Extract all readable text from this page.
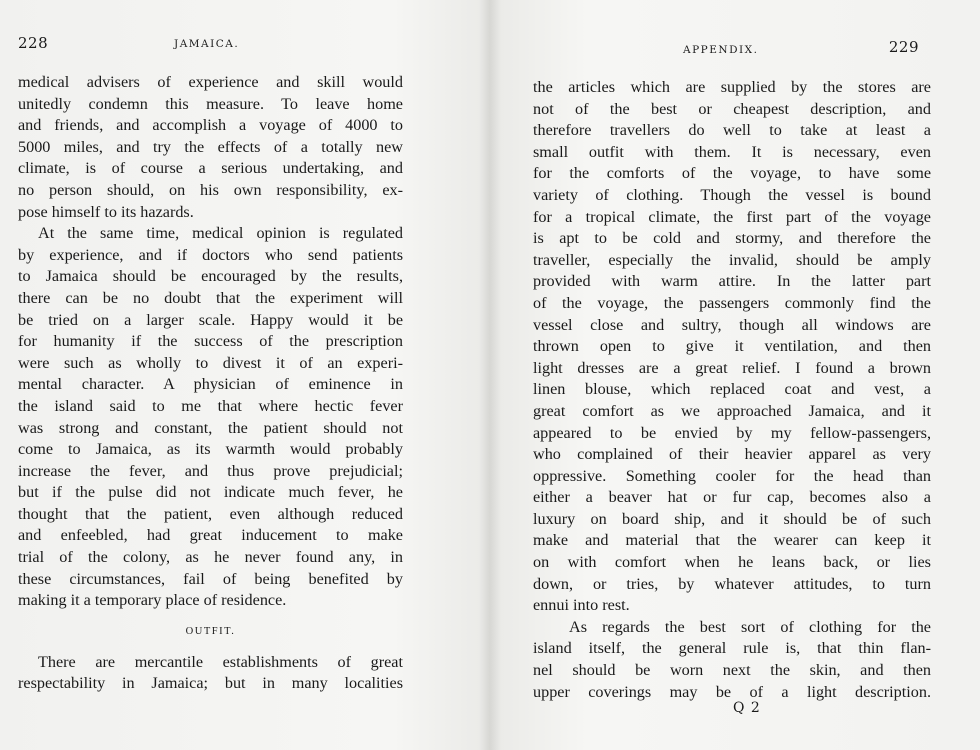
228	JAMAICA.
medical advisers of experience and skill would
unitedly condemn this measure. To leave home
and friends, and accomplish a voyage of 4000 to
5000 miles, and try the effects of a totally new
climate, is of course a serious undertaking, and
no person should, on his own responsibility, ex-
pose himself to its hazards.
At the same time, medical opinion is regulated
by experience, and if doctors who send patients
to Jamaica should be encouraged by the results,
there can be no doubt that the experiment will
be tried on a larger scale. Happy would it be
for humanity if the success of the prescription
were such as wholly to divest it of an experi-
mental character. A physician of eminence in
the island said to me that where hectic fever
was strong and constant, the patient should not
come to Jamaica, as its warmth would probably
increase the fever, and thus prove prejudicial;
but if the pulse did not indicate much fever, he
thought that the patient, even although reduced
and enfeebled, had great inducement to make
trial of the colony, as he never found any, in
these circumstances, fail of being benefited by
making it a temporary place of residence.
OUTFIT.
There are mercantile establishments of great
respectability in Jamaica; but in many localities
APPENDIX.	229
the articles which are supplied by the stores are
not of the best or cheapest description, and
therefore travellers do well to take at least a
small outfit with them. It is necessary, even
for the comforts of the voyage, to have some
variety of clothing. Though the vessel is bound
for a tropical climate, the first part of the voyage
is apt to be cold and stormy, and therefore the
traveller, especially the invalid, should be amply
provided with warm attire. In the latter part
of the voyage, the passengers commonly find the
vessel close and sultry, though all windows are
thrown open to give it ventilation, and then
light dresses are a great relief. I found a brown
linen blouse, which replaced coat and vest, a
great comfort as we approached Jamaica, and it
appeared to be envied by my fellow-passengers,
who complained of their heavier apparel as very
oppressive. Something cooler for the head than
either a beaver hat or fur cap, becomes also a
luxury on board ship, and it should be of such
make and material that the wearer can keep it
on with comfort when he leans back, or lies
down, or tries, by whatever attitudes, to turn
ennui into rest.
As regards the best sort of clothing for the
island itself, the general rule is, that thin flan-
nel should be worn next the skin, and then
upper coverings may be of a light description.
Q 2
